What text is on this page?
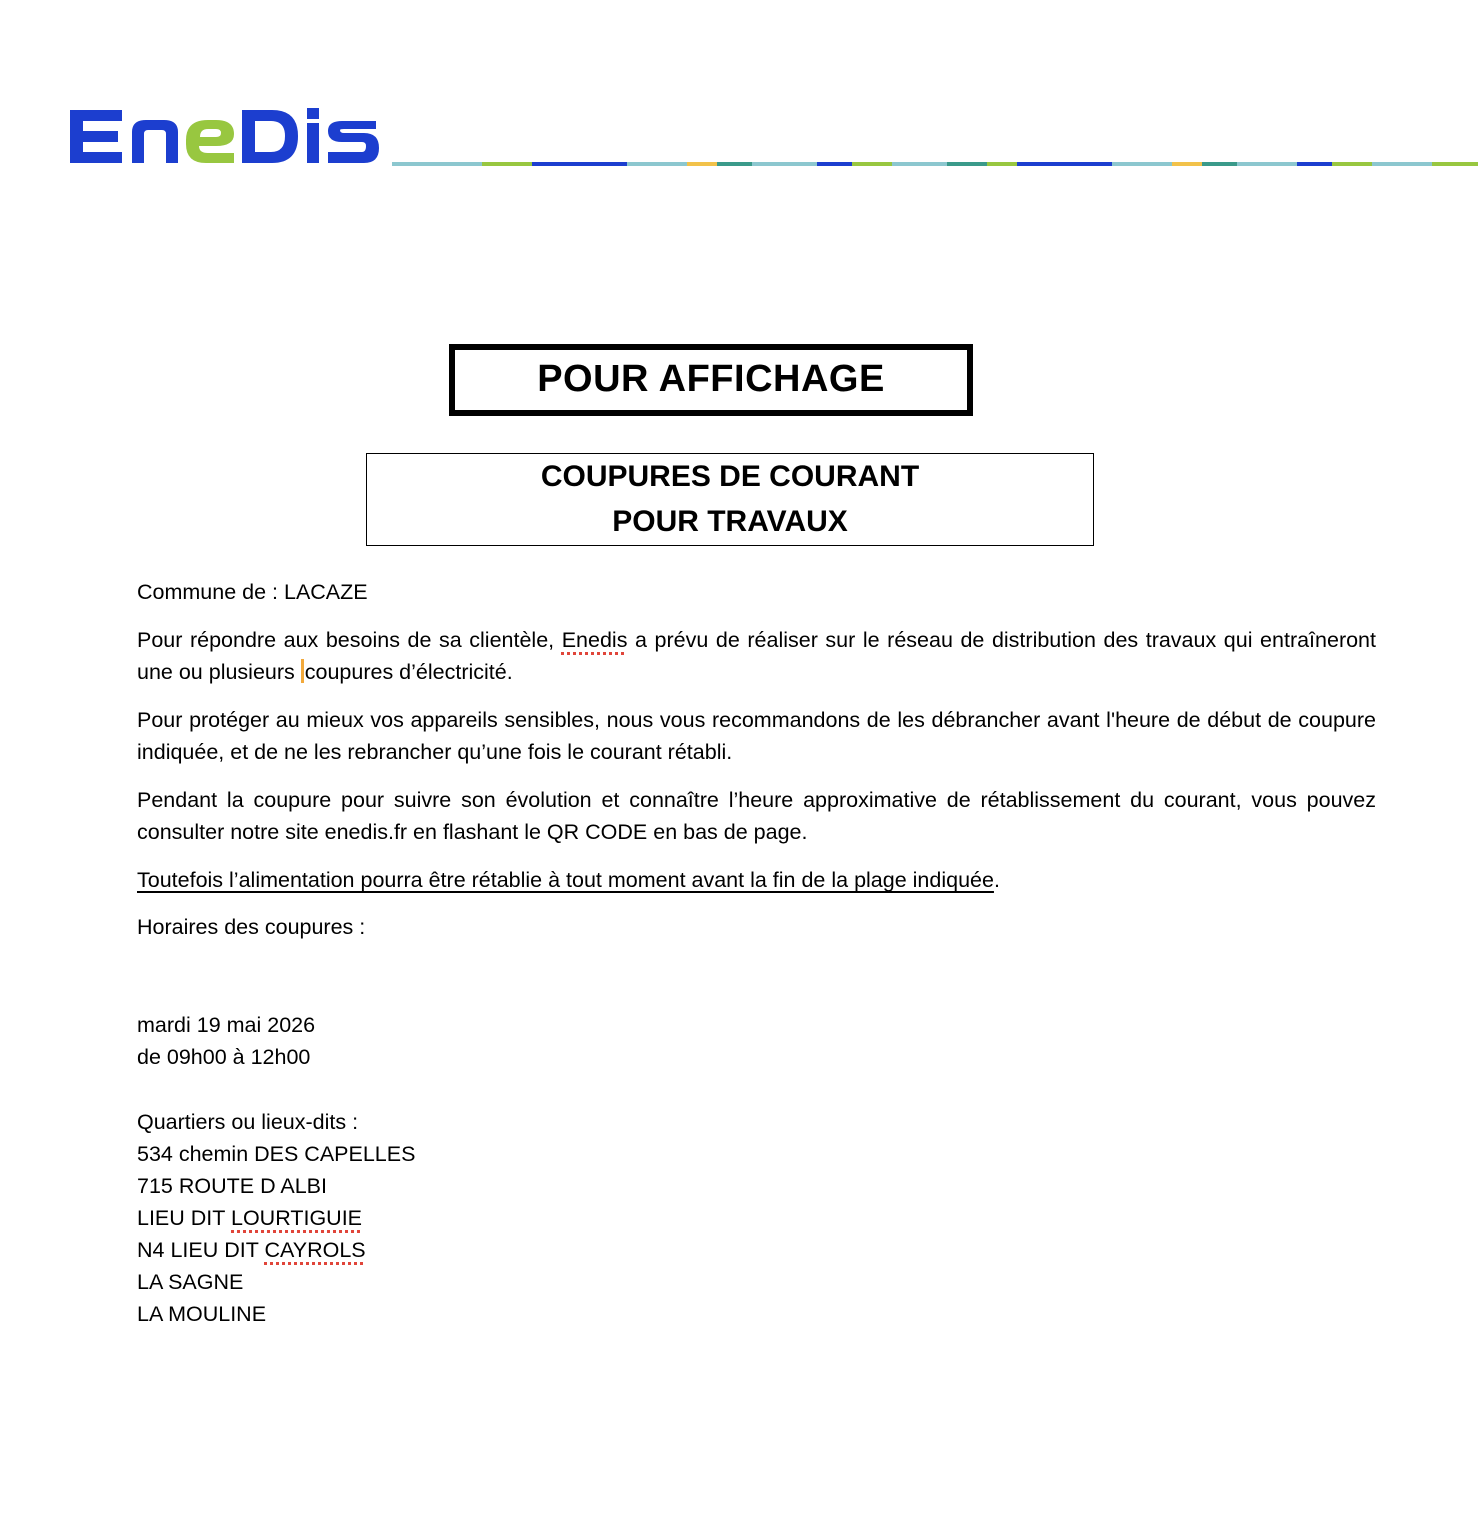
POUR AFFICHAGE
COUPURES DE COURANT
POUR TRAVAUX
Commune de : LACAZE
Pour répondre aux besoins de sa clientèle, Enedis a prévu de réaliser sur le réseau de distribution des travaux qui entraîneront une ou plusieurs coupures d’électricité.
Pour protéger au mieux vos appareils sensibles, nous vous recommandons de les débrancher avant l'heure de début de coupure indiquée, et de ne les rebrancher qu’une fois le courant rétabli.
Pendant la coupure pour suivre son évolution et connaître l’heure approximative de rétablissement du courant, vous pouvez consulter notre site enedis.fr en flashant le QR CODE en bas de page.
Toutefois l’alimentation pourra être rétablie à tout moment avant la fin de la plage indiquée.
Horaires des coupures :
mardi 19 mai 2026
de 09h00 à 12h00
Quartiers ou lieux-dits :
534 chemin DES CAPELLES
715 ROUTE D ALBI
LIEU DIT LOURTIGUIE
N4 LIEU DIT CAYROLS
LA SAGNE
LA MOULINE
